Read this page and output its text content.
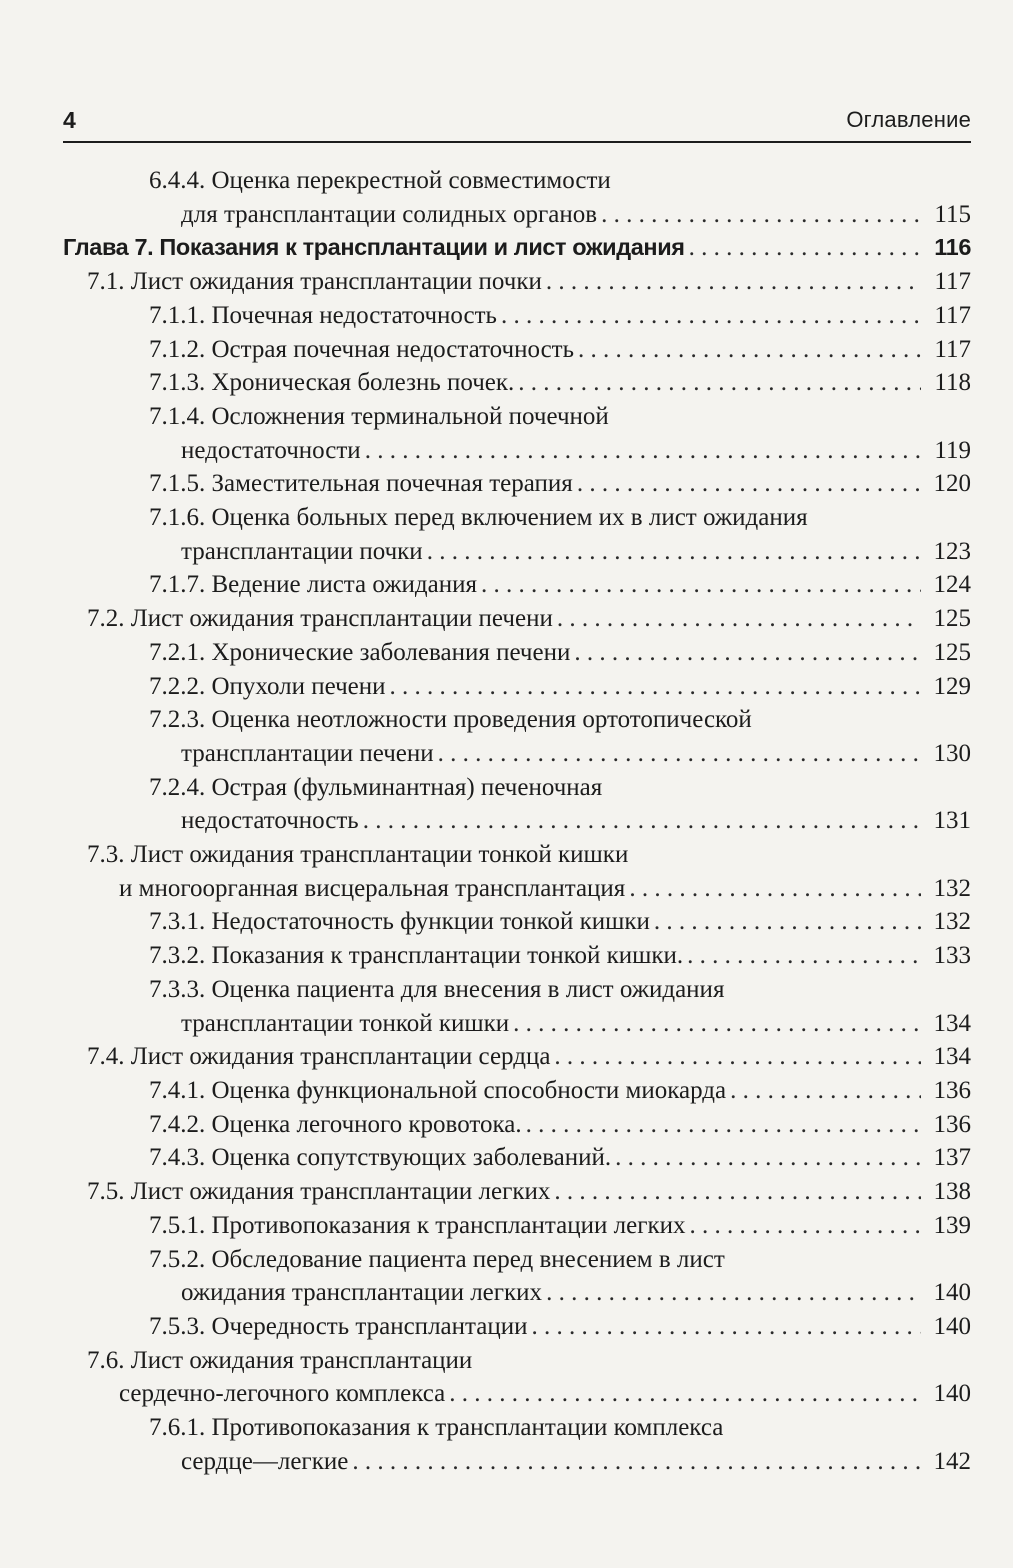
4	Оглавление
6.4.4. Оценка перекрестной совместимости
для трансплантации солидных органов . . .	115
Глава 7. Показания к трансплантации и лист ожидания . . .	116
7.1. Лист ожидания трансплантации почки . . .	117
7.1.1. Почечная недостаточность . . .	117
7.1.2. Острая почечная недостаточность . . .	117
7.1.3. Хроническая болезнь почек. . . .	118
7.1.4. Осложнения терминальной почечной
недостаточности . . .	119
7.1.5. Заместительная почечная терапия . . .	120
7.1.6. Оценка больных перед включением их в лист ожидания
трансплантации почки . . .	123
7.1.7. Ведение листа ожидания . . .	124
7.2. Лист ожидания трансплантации печени . . .	125
7.2.1. Хронические заболевания печени . . .	125
7.2.2. Опухоли печени . . .	129
7.2.3. Оценка неотложности проведения ортотопической
трансплантации печени . . .	130
7.2.4. Острая (фульминантная) печеночная
недостаточность . . .	131
7.3. Лист ожидания трансплантации тонкой кишки
и многоорганная висцеральная трансплантация . . .	132
7.3.1. Недостаточность функции тонкой кишки . . .	132
7.3.2. Показания к трансплантации тонкой кишки. . . .	133
7.3.3. Оценка пациента для внесения в лист ожидания
трансплантации тонкой кишки . . .	134
7.4. Лист ожидания трансплантации сердца . . .	134
7.4.1. Оценка функциональной способности миокарда . . .	136
7.4.2. Оценка легочного кровотока. . . .	136
7.4.3. Оценка сопутствующих заболеваний. . . .	137
7.5. Лист ожидания трансплантации легких . . .	138
7.5.1. Противопоказания к трансплантации легких . . .	139
7.5.2. Обследование пациента перед внесением в лист
ожидания трансплантации легких . . .	140
7.5.3. Очередность трансплантации . . .	140
7.6. Лист ожидания трансплантации
сердечно-легочного комплекса . . .	140
7.6.1. Противопоказания к трансплантации комплекса
сердце—легкие . . .	142
